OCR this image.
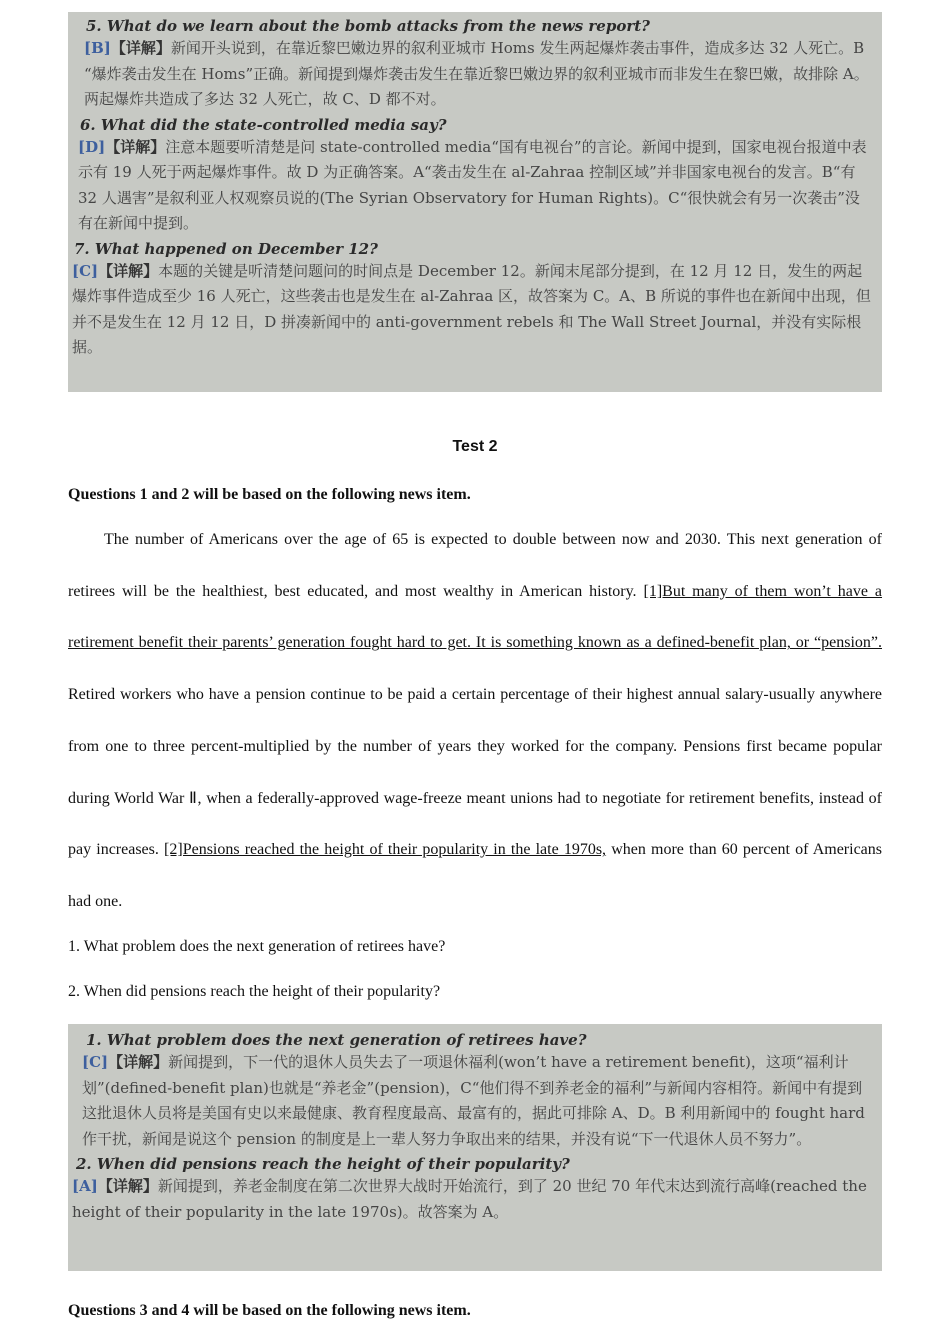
5. What do we learn about the bomb attacks from the news report?
[B]【详解】新闻开头说到，在靠近黎巴嫩边界的叙利亚城市 Homs 发生两起爆炸袭击事件，造成多达 32 人死亡。B “爆炸袭击发生在 Homs”正确。新闻提到爆炸袭击发生在靠近黎巴嫩边界的叙利亚城市而非发生在黎巴嫩，故排除 A。两起爆炸共造成了多达 32 人死亡，故 C、D 都不对。
6. What did the state-controlled media say?
[D]【详解】注意本题要听清楚是问 state-controlled media“国有电视台”的言论。新闻中提到，国家电视台报道中表示有 19 人死于两起爆炸事件。故 D 为正确答案。A“袭击发生在 al-Zahraa 控制区域”并非国家电视台的发言。B“有 32 人遇害”是叙利亚人权观察员说的(The Syrian Observatory for Human Rights)。C“很快就会有另一次袭击”没有在新闻中提到。
7. What happened on December 12?
[C]【详解】本题的关键是听清楚问题问的时间点是 December 12。新闻末尾部分提到，在 12 月 12 日，发生的两起爆炸事件造成至少 16 人死亡，这些袭击也是发生在 al-Zahraa 区，故答案为 C。A、B 所说的事件也在新闻中出现，但并不是发生在 12 月 12 日，D 拼凑新闻中的 anti-government rebels 和 The Wall Street Journal，并没有实际根据。
Test 2
Questions 1 and 2 will be based on the following news item.
The number of Americans over the age of 65 is expected to double between now and 2030. This next generation of retirees will be the healthiest, best educated, and most wealthy in American history. [1]But many of them won’t have a retirement benefit their parents’ generation fought hard to get. It is something known as a defined-benefit plan, or “pension”. Retired workers who have a pension continue to be paid a certain percentage of their highest annual salary-usually anywhere from one to three percent-multiplied by the number of years they worked for the company. Pensions first became popular during World War Ⅱ, when a federally-approved wage-freeze meant unions had to negotiate for retirement benefits, instead of pay increases. [2]Pensions reached the height of their popularity in the late 1970s, when more than 60 percent of Americans had one.
1. What problem does the next generation of retirees have?
2. When did pensions reach the height of their popularity?
1. What problem does the next generation of retirees have?
[C]【详解】新闻提到，下一代的退休人员失去了一项退休福利(won’t have a retirement benefit)，这项“福利计划”(defined-benefit plan)也就是“养老金”(pension)，C“他们得不到养老金的福利”与新闻内容相符。新闻中有提到这批退休人员将是美国有史以来最健康、教育程度最高、最富有的，据此可排除 A、D。B 利用新闻中的 fought hard 作干扰，新闻是说这个 pension 的制度是上一辈人努力争取出来的结果，并没有说“下一代退休人员不努力”。
2. When did pensions reach the height of their popularity?
[A]【详解】新闻提到，养老金制度在第二次世界大战时开始流行，到了 20 世纪 70 年代末达到流行高峰(reached the height of their popularity in the late 1970s)。故答案为 A。
Questions 3 and 4 will be based on the following news item.
